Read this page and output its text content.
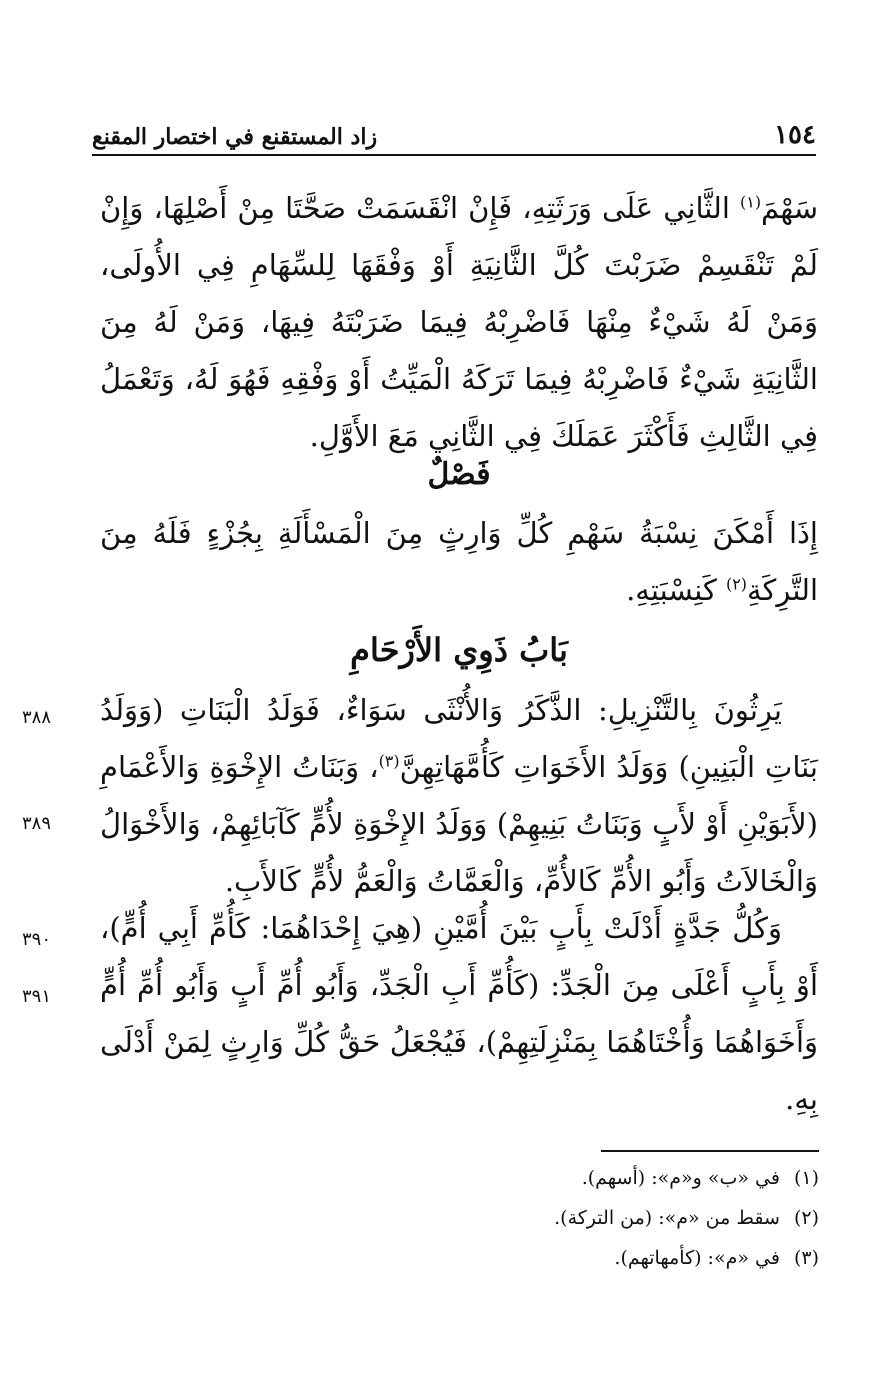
١٥٤
زاد المستقنع في اختصار المقنع

سَهْمَ$^{(١)}$ الثَّانِي عَلَى وَرَثَتِهِ، فَإِنْ انْقَسَمَتْ صَحَّتَا مِنْ أَصْلِهَا، وَإِنْ لَمْ تَنْقَسِمْ ضَرَبْتَ كُلَّ الثَّانِيَةِ أَوْ وَفْقَهَا لِلسِّهَامِ فِي الأُولَى، وَمَنْ لَهُ شَيْءٌ مِنْهَا فَاضْرِبْهُ فِيمَا ضَرَبْتَهُ فِيهَا، وَمَنْ لَهُ مِنَ الثَّانِيَةِ شَيْءٌ فَاضْرِبْهُ فِيمَا تَرَكَهُ الْمَيِّتُ أَوْ وَفْقِهِ فَهُوَ لَهُ، وَتَعْمَلُ فِي الثَّالِثِ فَأَكْثَرَ عَمَلَكَ فِي الثَّانِي مَعَ الأَوَّلِ.

فَصْلٌ

إِذَا أَمْكَنَ نِسْبَةُ سَهْمِ كُلِّ وَارِثٍ مِنَ الْمَسْأَلَةِ بِجُزْءٍ فَلَهُ مِنَ التَّرِكَةِ$^{(٢)}$ كَنِسْبَتِهِ.

بَابُ ذَوِي الأَرْحَامِ

يَرِثُونَ بِالتَّنْزِيلِ: الذَّكَرُ وَالأُنْثَى سَوَاءٌ، فَوَلَدُ الْبَنَاتِ (وَوَلَدُ بَنَاتِ الْبَنِينِ) وَوَلَدُ الأَخَوَاتِ كَأُمَّهَاتِهِنَّ$^{(٣)}$، وَبَنَاتُ الإِخْوَةِ وَالأَعْمَامِ (لأَبَوَيْنِ أَوْ لأَبٍ وَبَنَاتُ بَنِيهِمْ) وَوَلَدُ الإِخْوَةِ لأُمٍّ كَآبَائِهِمْ، وَالأَخْوَالُ وَالْخَالاَتُ وَأَبُو الأُمِّ كَالأُمِّ، وَالْعَمَّاتُ وَالْعَمُّ لأُمٍّ كَالأَبِ.

وَكُلُّ جَدَّةٍ أَدْلَتْ بِأَبٍ بَيْنَ أُمَّيْنِ (هِيَ إِحْدَاهُمَا: كَأُمِّ أَبِي أُمٍّ)، أَوْ بِأَبٍ أَعْلَى مِنَ الْجَدِّ: (كَأُمِّ أَبِ الْجَدِّ، وَأَبُو أُمِّ أَبٍ وَأَبُو أُمِّ أُمٍّ وَأَخَوَاهُمَا وَأُخْتَاهُمَا بِمَنْزِلَتِهِمْ)، فَيُجْعَلُ حَقُّ كُلِّ وَارِثٍ لِمَنْ أَدْلَى بِهِ.

٣٨٨
٣٨٩
٣٩٠
٣٩١
(١)في «ب» و«م»: (أسهم).
(٢)سقط من «م»: (من التركة).
(٣)في «م»: (كأمهاتهم).
